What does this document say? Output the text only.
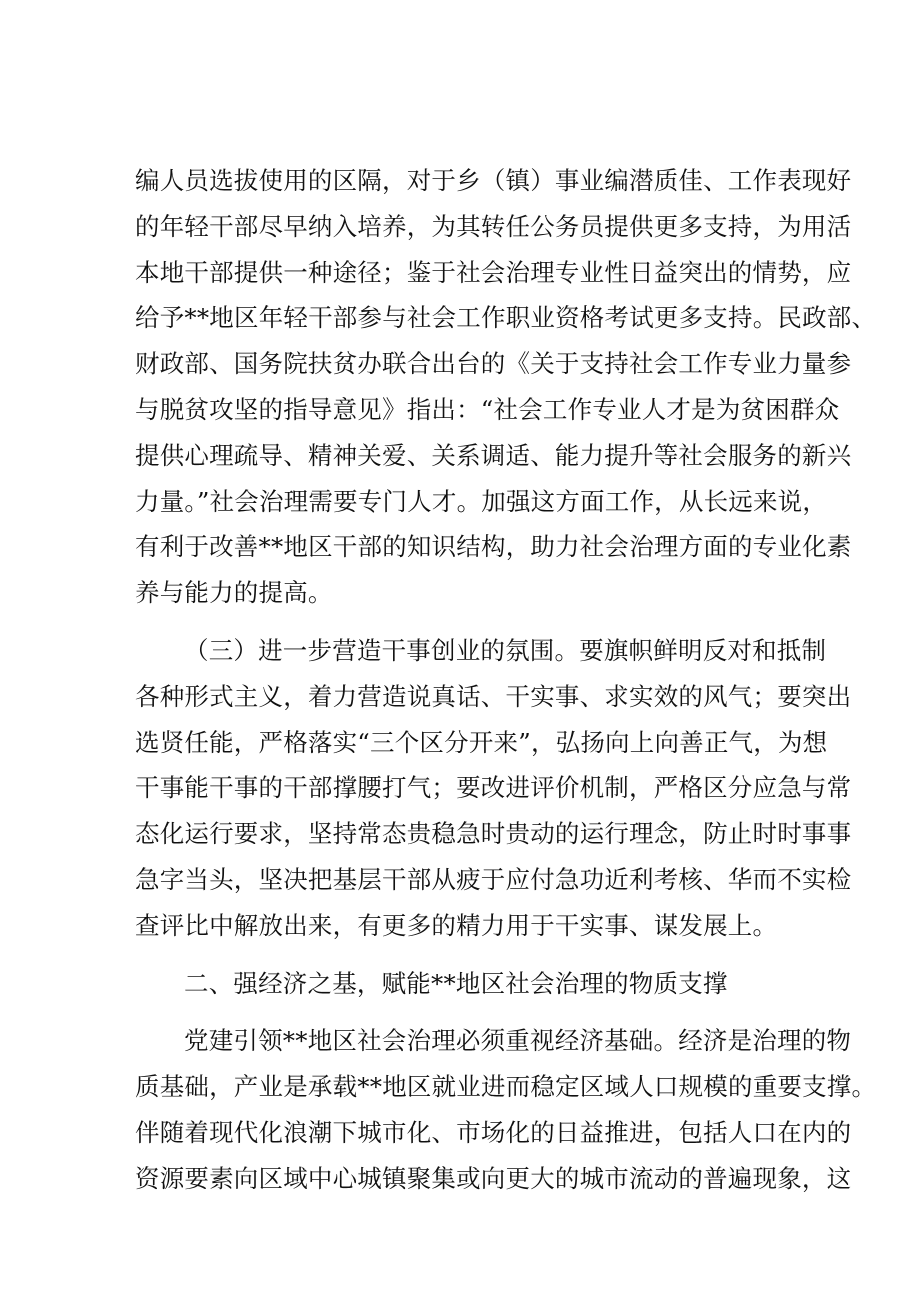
编人员选拔使用的区隔，对于乡（镇）事业编潜质佳、工作表现好
的年轻干部尽早纳入培养，为其转任公务员提供更多支持，为用活
本地干部提供一种途径；鉴于社会治理专业性日益突出的情势，应
给予**地区年轻干部参与社会工作职业资格考试更多支持。民政部、
财政部、国务院扶贫办联合出台的《关于支持社会工作专业力量参
与脱贫攻坚的指导意见》指出：“社会工作专业人才是为贫困群众
提供心理疏导、精神关爱、关系调适、能力提升等社会服务的新兴
力量。”社会治理需要专门人才。加强这方面工作，从长远来说，
有利于改善**地区干部的知识结构，助力社会治理方面的专业化素
养与能力的提高。
（三）进一步营造干事创业的氛围。要旗帜鲜明反对和抵制
各种形式主义，着力营造说真话、干实事、求实效的风气；要突出
选贤任能，严格落实“三个区分开来”，弘扬向上向善正气，为想
干事能干事的干部撑腰打气；要改进评价机制，严格区分应急与常
态化运行要求，坚持常态贵稳急时贵动的运行理念，防止时时事事
急字当头，坚决把基层干部从疲于应付急功近利考核、华而不实检
查评比中解放出来，有更多的精力用于干实事、谋发展上。
二、强经济之基，赋能**地区社会治理的物质支撑
党建引领**地区社会治理必须重视经济基础。经济是治理的物
质基础，产业是承载**地区就业进而稳定区域人口规模的重要支撑。
伴随着现代化浪潮下城市化、市场化的日益推进，包括人口在内的
资源要素向区域中心城镇聚集或向更大的城市流动的普遍现象，这
